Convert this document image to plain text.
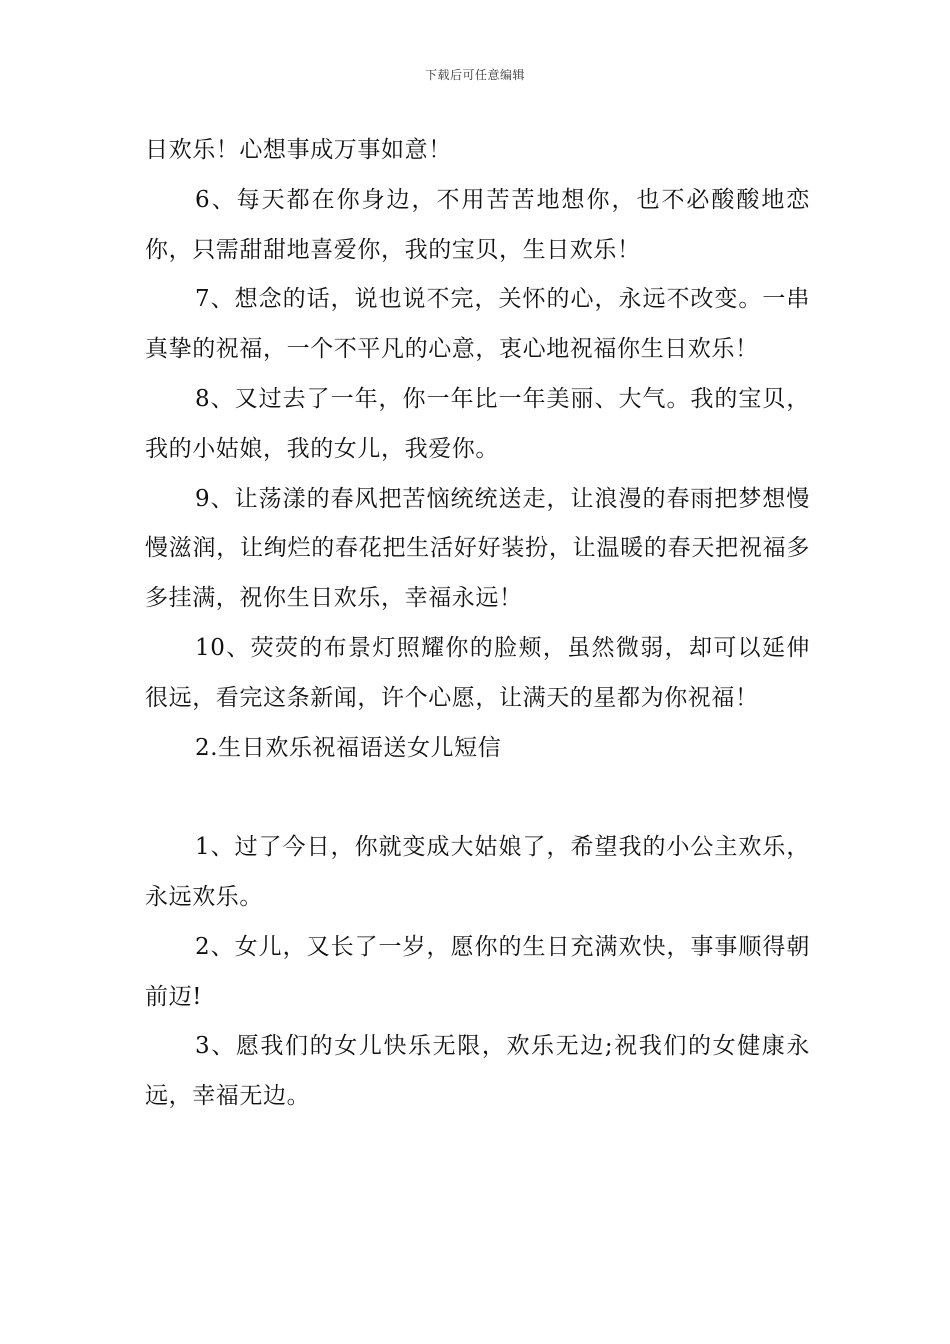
下载后可任意编辑

日欢乐！心想事成万事如意！

6、每天都在你身边，不用苦苦地想你，也不必酸酸地恋你，只需甜甜地喜爱你，我的宝贝，生日欢乐！

7、想念的话，说也说不完，关怀的心，永远不改变。一串真挚的祝福，一个不平凡的心意，衷心地祝福你生日欢乐！

8、又过去了一年，你一年比一年美丽、大气。我的宝贝，我的小姑娘，我的女儿，我爱你。

9、让荡漾的春风把苦恼统统送走，让浪漫的春雨把梦想慢慢滋润，让绚烂的春花把生活好好装扮，让温暖的春天把祝福多多挂满，祝你生日欢乐，幸福永远！

10、荧荧的布景灯照耀你的脸颊，虽然微弱，却可以延伸很远，看完这条新闻，许个心愿，让满天的星都为你祝福！

2.生日欢乐祝福语送女儿短信

1、过了今日，你就变成大姑娘了，希望我的小公主欢乐，永远欢乐。

2、女儿，又长了一岁，愿你的生日充满欢快，事事顺得朝前迈!

3、愿我们的女儿快乐无限，欢乐无边;祝我们的女健康永远，幸福无边。
